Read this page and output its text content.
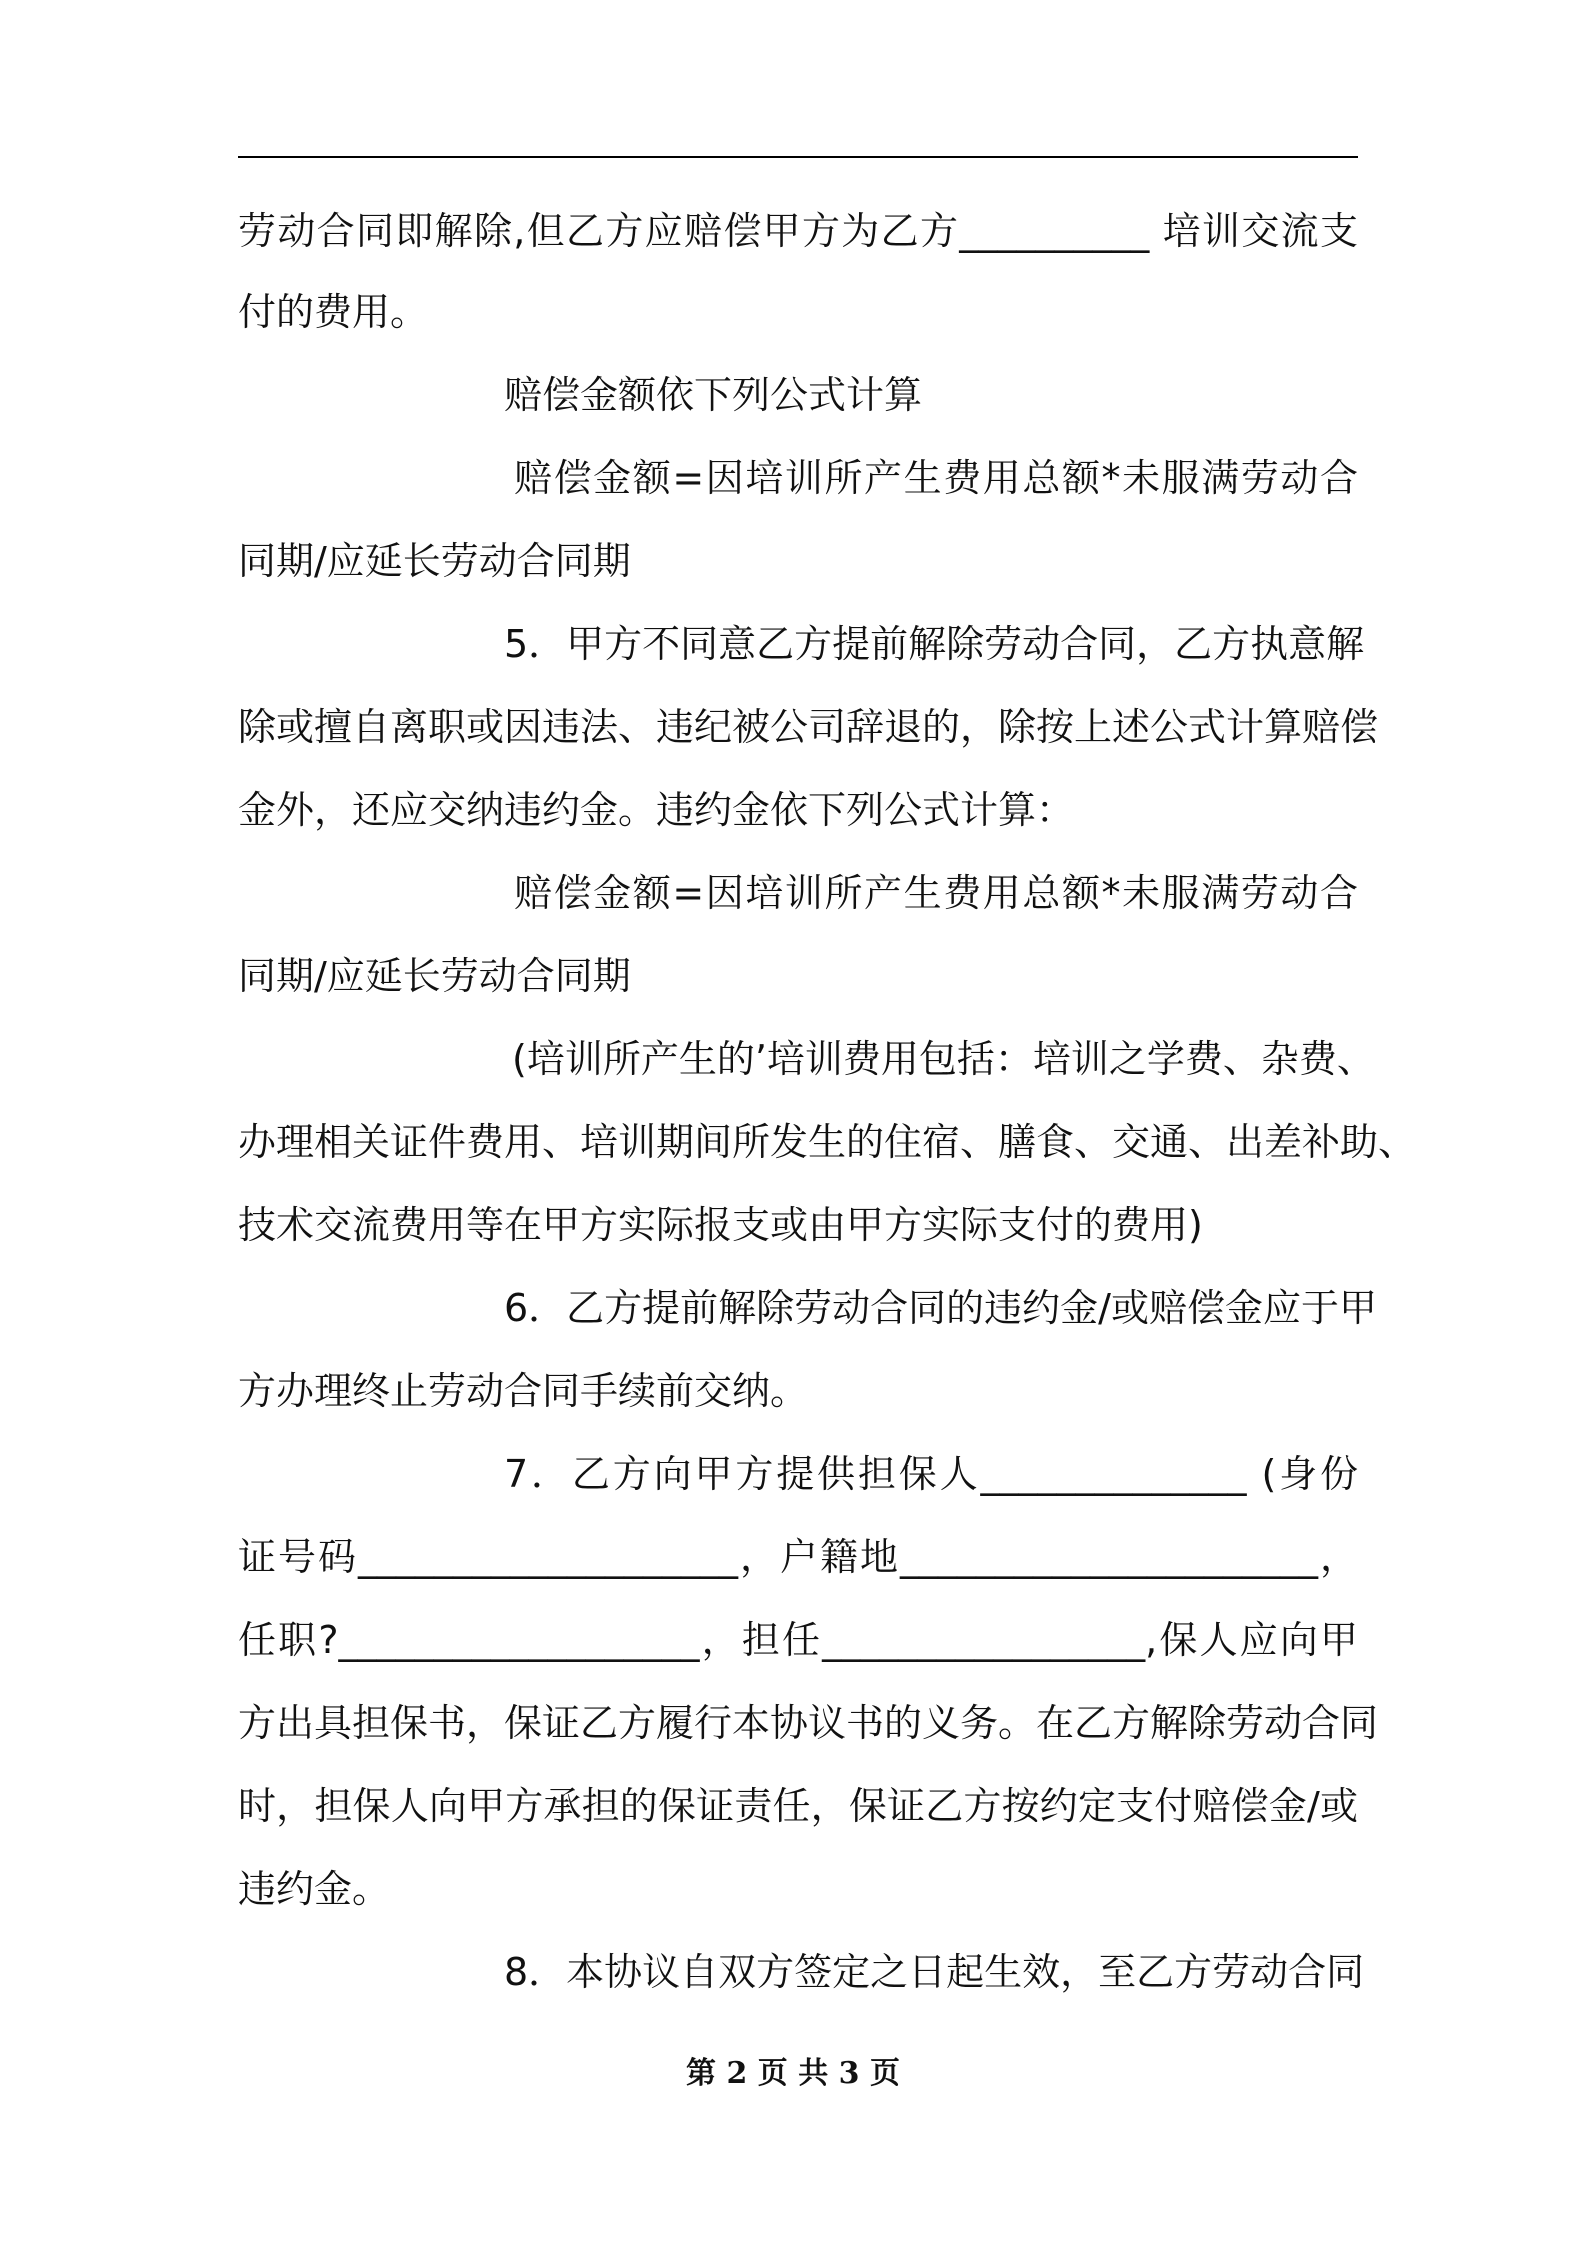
劳动合同即解除,但乙方应赔偿甲方为乙方__________ 培训交流支
付的费用。
赔偿金额依下列公式计算
赔偿金额=因培训所产生费用总额*未服满劳动合
同期/应延长劳动合同期
5．甲方不同意乙方提前解除劳动合同，乙方执意解
除或擅自离职或因违法、违纪被公司辞退的，除按上述公式计算赔偿
金外，还应交纳违约金。违约金依下列公式计算：
赔偿金额=因培训所产生费用总额*未服满劳动合
同期/应延长劳动合同期
(培训所产生的’培训费用包括：培训之学费、杂费、
办理相关证件费用、培训期间所发生的住宿、膳食、交通、出差补助、
技术交流费用等在甲方实际报支或由甲方实际支付的费用)
6．乙方提前解除劳动合同的违约金/或赔偿金应于甲
方办理终止劳动合同手续前交纳。
7．乙方向甲方提供担保人______________ (身份
证号码____________________，户籍地______________________，
任职?___________________，担任_________________,保人应向甲
方出具担保书，保证乙方履行本协议书的义务。在乙方解除劳动合同
时，担保人向甲方承担的保证责任，保证乙方按约定支付赔偿金/或
违约金。
8．本协议自双方签定之日起生效，至乙方劳动合同
第 2 页 共 3 页
